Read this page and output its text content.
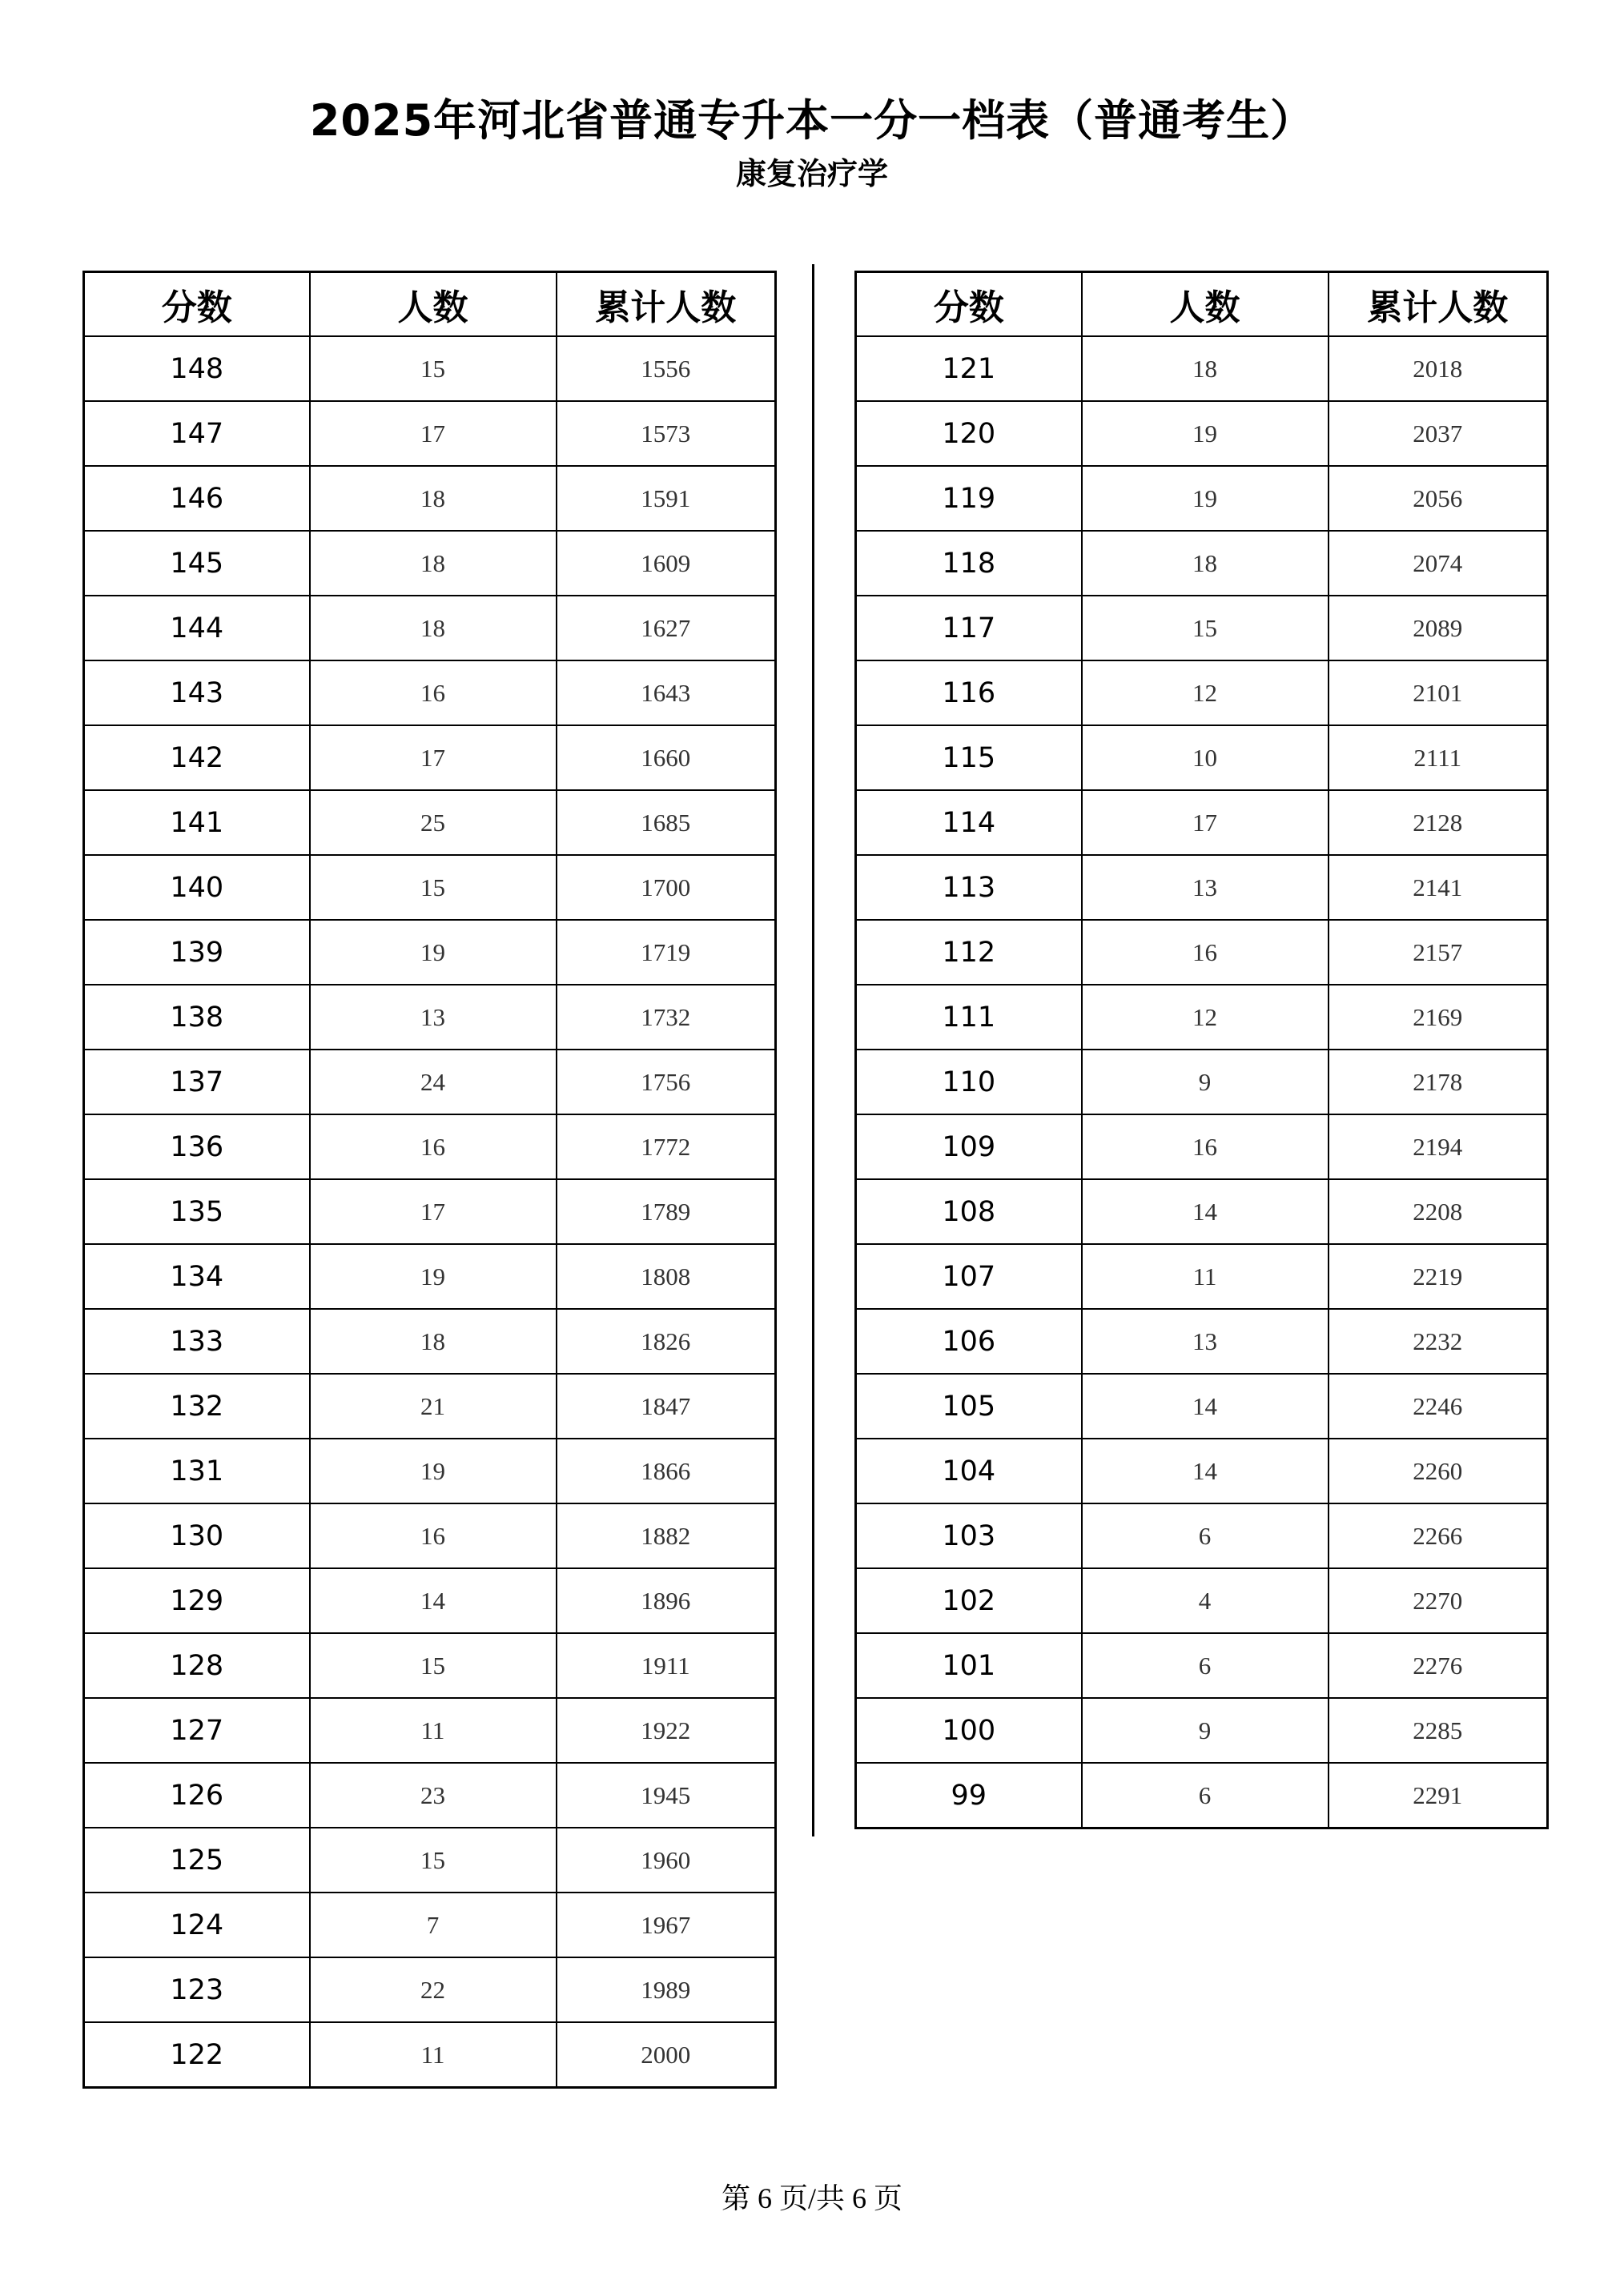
2025年河北省普通专升本一分一档表（普通考生）
康复治疗学
分数	人数	累计人数
148	15	1556
147	17	1573
146	18	1591
145	18	1609
144	18	1627
143	16	1643
142	17	1660
141	25	1685
140	15	1700
139	19	1719
138	13	1732
137	24	1756
136	16	1772
135	17	1789
134	19	1808
133	18	1826
132	21	1847
131	19	1866
130	16	1882
129	14	1896
128	15	1911
127	11	1922
126	23	1945
125	15	1960
124	7	1967
123	22	1989
122	11	2000
分数	人数	累计人数
121	18	2018
120	19	2037
119	19	2056
118	18	2074
117	15	2089
116	12	2101
115	10	2111
114	17	2128
113	13	2141
112	16	2157
111	12	2169
110	9	2178
109	16	2194
108	14	2208
107	11	2219
106	13	2232
105	14	2246
104	14	2260
103	6	2266
102	4	2270
101	6	2276
100	9	2285
99	6	2291
第 6 页/共 6 页
